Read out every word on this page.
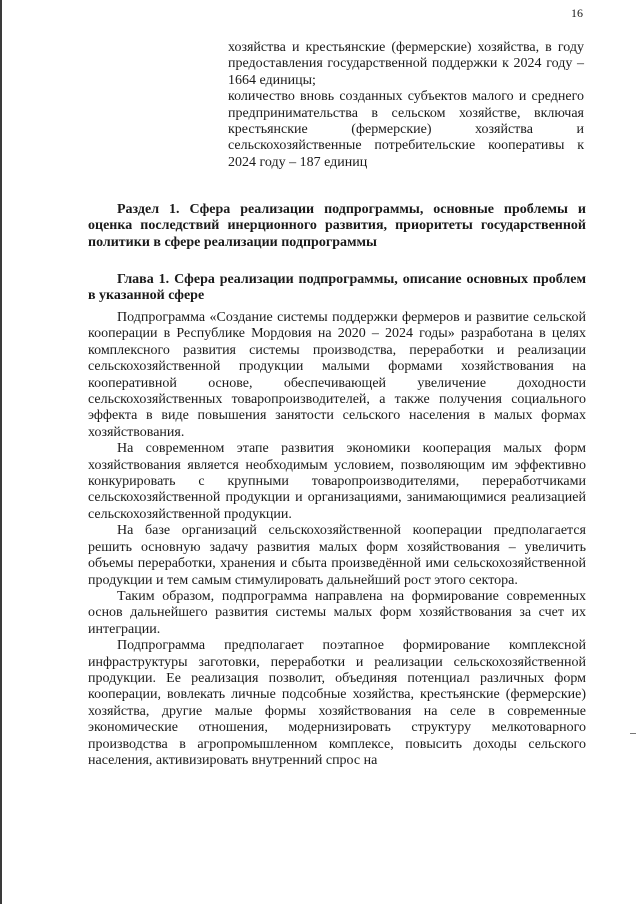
16

хозяйства и крестьянские (фермерские) хозяйства, в году предоставления государственной поддержки к 2024 году – 1664 единицы;

количество вновь созданных субъектов малого и среднего предпринимательства в сельском хозяйстве, включая крестьянские (фермерские) хозяйства и сельскохозяйственные потребительские кооперативы к 2024 году – 187 единиц

Раздел 1. Сфера реализации подпрограммы, основные проблемы и оценка последствий инерционного развития, приоритеты государственной политики в сфере реализации подпрограммы

Глава 1. Сфера реализации подпрограммы, описание основных проблем в указанной сфере

Подпрограмма «Создание системы поддержки фермеров и развитие сельской кооперации в Республике Мордовия на 2020 – 2024 годы» разработана в целях комплексного развития системы производства, переработки и реализации сельскохозяйственной продукции малыми формами хозяйствования на кооперативной основе, обеспечивающей увеличение доходности сельскохозяйственных товаропроизводителей, а также получения социального эффекта в виде повышения занятости сельского населения в малых формах хозяйствования.

На современном этапе развития экономики кооперация малых форм хозяйствования является необходимым условием, позволяющим им эффективно конкурировать с крупными товаропроизводителями, переработчиками сельскохозяйственной продукции и организациями, занимающимися реализацией сельскохозяйственной продукции.

На базе организаций сельскохозяйственной кооперации предполагается решить основную задачу развития малых форм хозяйствования – увеличить объемы переработки, хранения и сбыта произведённой ими сельскохозяйственной продукции и тем самым стимулировать дальнейший рост этого сектора.

Таким образом, подпрограмма направлена на формирование современных основ дальнейшего развития системы малых форм хозяйствования за счет их интеграции.

Подпрограмма предполагает поэтапное формирование комплексной инфраструктуры заготовки, переработки и реализации сельскохозяйственной продукции. Ее реализация позволит, объединяя потенциал различных форм кооперации, вовлекать личные подсобные хозяйства, крестьянские (фермерские) хозяйства, другие малые формы хозяйствования на селе в современные экономические отношения, модернизировать структуру мелкотоварного производства в агропромышленном комплексе, повысить доходы сельского населения, активизировать внутренний спрос на
